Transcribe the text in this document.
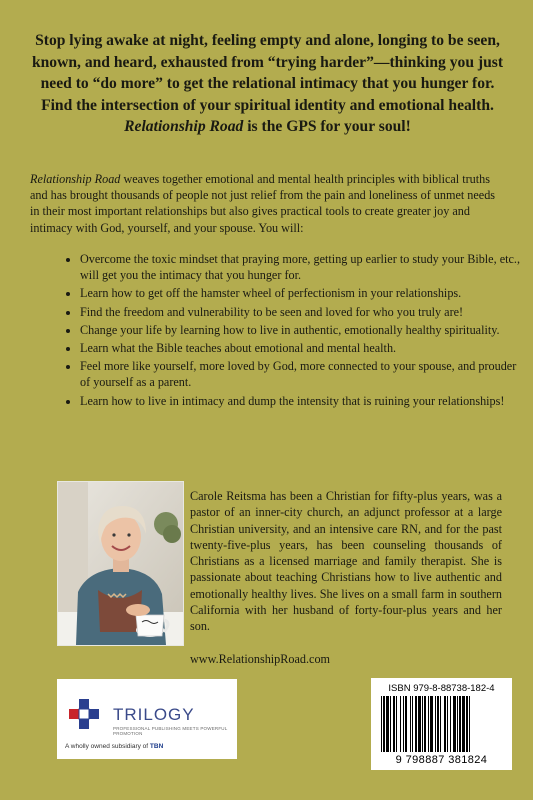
Stop lying awake at night, feeling empty and alone, longing to be seen, known, and heard, exhausted from “trying harder”—thinking you just need to “do more” to get the relational intimacy that you hunger for. Find the intersection of your spiritual identity and emotional health. Relationship Road is the GPS for your soul!

Relationship Road weaves together emotional and mental health principles with biblical truths and has brought thousands of people not just relief from the pain and loneliness of unmet needs in their most important relationships but also gives practical tools to create greater joy and intimacy with God, yourself, and your spouse. You will:

• Overcome the toxic mindset that praying more, getting up earlier to study your Bible, etc., will get you the intimacy that you hunger for.
• Learn how to get off the hamster wheel of perfectionism in your relationships.
• Find the freedom and vulnerability to be seen and loved for who you truly are!
• Change your life by learning how to live in authentic, emotionally healthy spirituality.
• Learn what the Bible teaches about emotional and mental health.
• Feel more like yourself, more loved by God, more connected to your spouse, and prouder of yourself as a parent.
• Learn how to live in intimacy and dump the intensity that is ruining your relationships!

Carole Reitsma has been a Christian for fifty-plus years, was a pastor of an inner-city church, an adjunct professor at a large Christian university, and an intensive care RN, and for the past twenty-five-plus years, has been counseling thousands of Christians as a licensed marriage and family therapist. She is passionate about teaching Christians how to live authentic and emotionally healthy lives. She lives on a small farm in southern California with her husband of forty-four-plus years and her son.

www.RelationshipRoad.com
TRILOGY
PROFESSIONAL PUBLISHING MEETS POWERFUL PROMOTION
A wholly owned subsidiary of TBN
ISBN 979-8-88738-182-4
9 798887 381824
